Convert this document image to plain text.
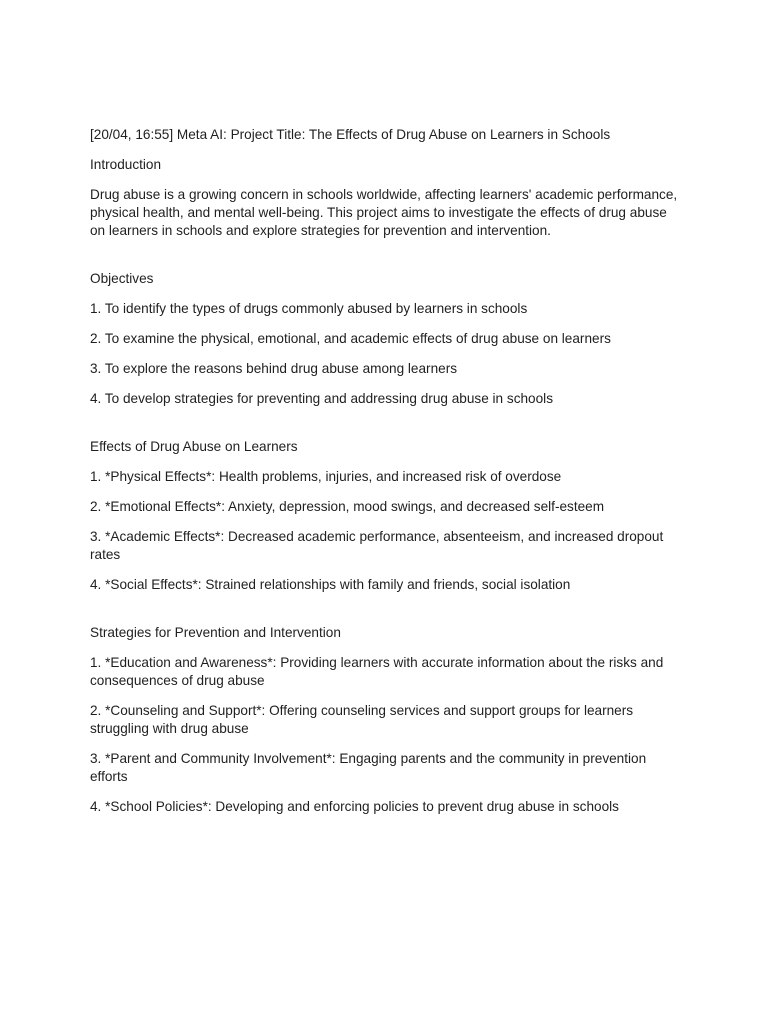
[20/04, 16:55] Meta AI: Project Title: The Effects of Drug Abuse on Learners in Schools

Introduction

Drug abuse is a growing concern in schools worldwide, affecting learners' academic performance, physical health, and mental well-being. This project aims to investigate the effects of drug abuse on learners in schools and explore strategies for prevention and intervention.

Objectives

1. To identify the types of drugs commonly abused by learners in schools

2. To examine the physical, emotional, and academic effects of drug abuse on learners

3. To explore the reasons behind drug abuse among learners

4. To develop strategies for preventing and addressing drug abuse in schools

Effects of Drug Abuse on Learners

1. *Physical Effects*: Health problems, injuries, and increased risk of overdose

2. *Emotional Effects*: Anxiety, depression, mood swings, and decreased self-esteem

3. *Academic Effects*: Decreased academic performance, absenteeism, and increased dropout rates

4. *Social Effects*: Strained relationships with family and friends, social isolation

Strategies for Prevention and Intervention

1. *Education and Awareness*: Providing learners with accurate information about the risks and consequences of drug abuse

2. *Counseling and Support*: Offering counseling services and support groups for learners struggling with drug abuse

3. *Parent and Community Involvement*: Engaging parents and the community in prevention efforts

4. *School Policies*: Developing and enforcing policies to prevent drug abuse in schools
